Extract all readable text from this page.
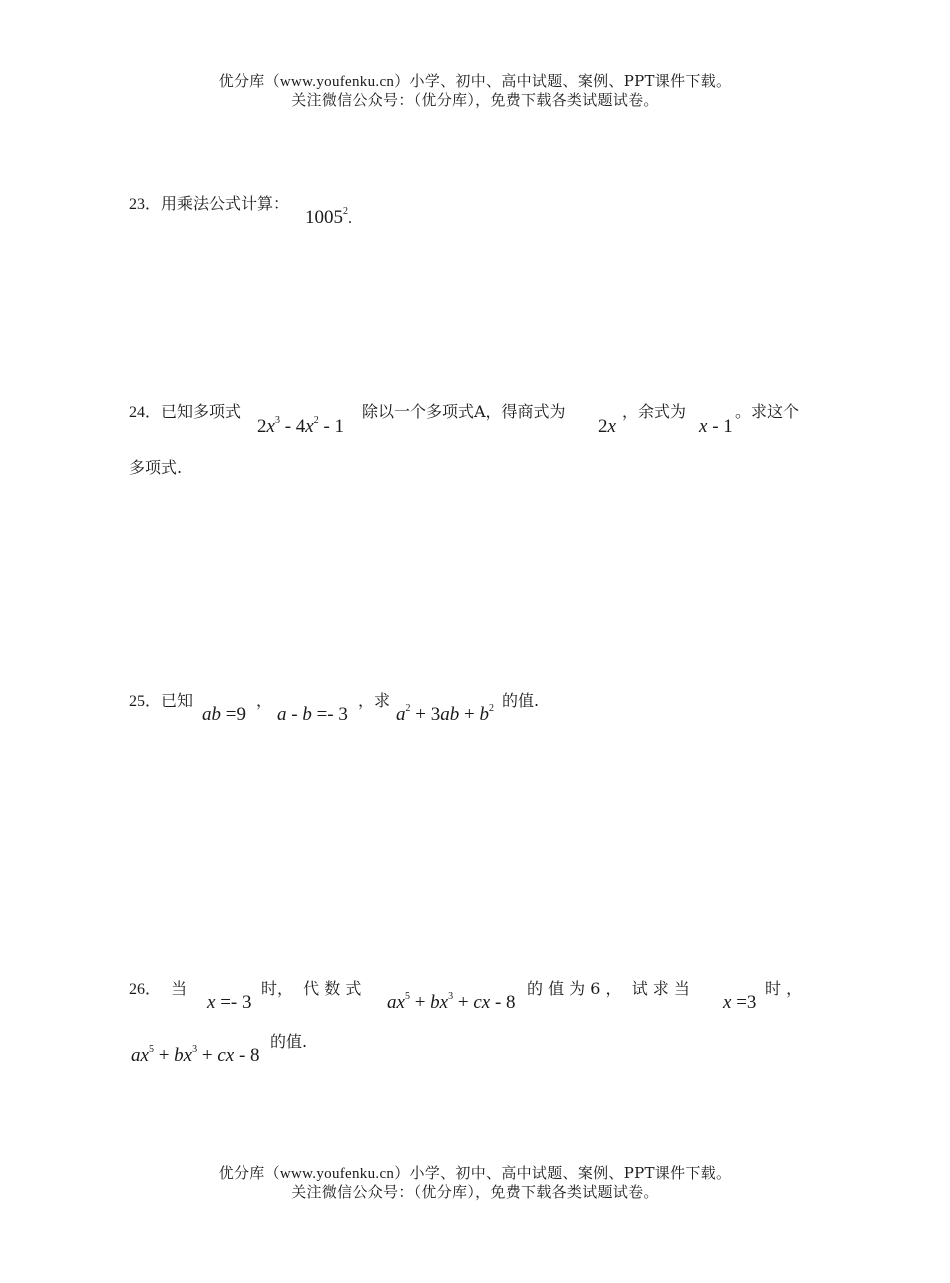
优分库（www.youfenku.cn）小学、初中、高中试题、案例、PPT课件下载。
关注微信公众号：（优分库），免费下载各类试题试卷。
23．用乘法公式计算：
1005$^2$.
24．已知多项式
$2x^3 - 4x^2 - 1$
除以一个多项式A，得商式为
2x
，余式为
x - 1
。求这个
多项式.
25．已知
ab =9
，
a - b =- 3
，求
$a^2 + 3ab + b^2$ 的值.
26．  当
x =- 3
时，  代 数 式
$ax^5 + bx^3$ + cx - 8
的 值 为 6 ，  试 求 当
x =3
时 ，
$ax^5 + bx^3$ + cx - 8
的值.
优分库（www.youfenku.cn）小学、初中、高中试题、案例、PPT课件下载。
关注微信公众号：（优分库），免费下载各类试题试卷。
